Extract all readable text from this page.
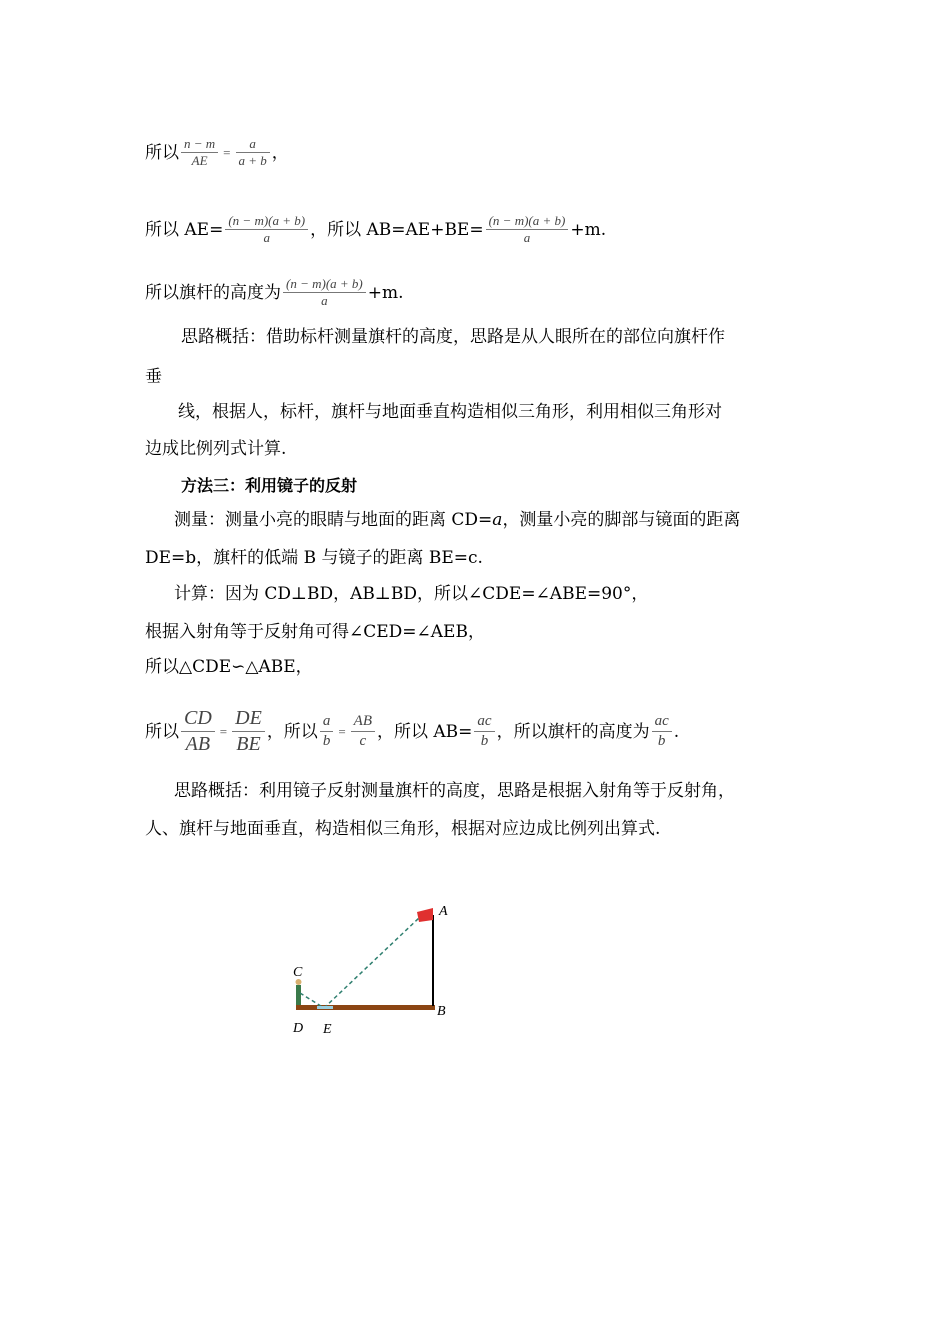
所以 $\frac{n - m}{AE} = \frac{a}{a + b}$ ，
所以 $AE= \frac{(n - m)(a + b)}{a}$ ，所以 $AB=AE+BE= \frac{(n - m)(a + b)}{a} +m$.
所以旗杆的高度为 $\frac{(n - m)(a + b)}{a} +m$.
思路概括：借助标杆测量旗杆的高度，思路是从人眼所在的部位向旗杆作
垂
线，根据人，标杆，旗杆与地面垂直构造相似三角形，利用相似三角形对
边成比例列式计算.
方法三：利用镜子的反射
测量：测量小亮的眼睛与地面的距离 CD= a ，测量小亮的脚部与镜面的距离
DE=b，旗杆的低端 B 与镜子的距离 BE=c.
计算：因为 CD⊥BD，AB⊥BD，所以∠CDE=∠ABE=90°，
根据入射角等于反射角可得∠CED=∠AEB，
所以△CDE∽△ABE，
所以 $\frac{CD}{AB} = \frac{DE}{BE}$ ，所以 $\frac{a}{b} = \frac{AB}{c}$ ，所以 $AB= \frac{ac}{b}$ ，所以旗杆的高度为 $\frac{ac}{b}$ .
思路概括：利用镜子反射测量旗杆的高度，思路是根据入射角等于反射角，
人、旗杆与地面垂直，构造相似三角形，根据对应边成比例列出算式.
A
B
C
D E
